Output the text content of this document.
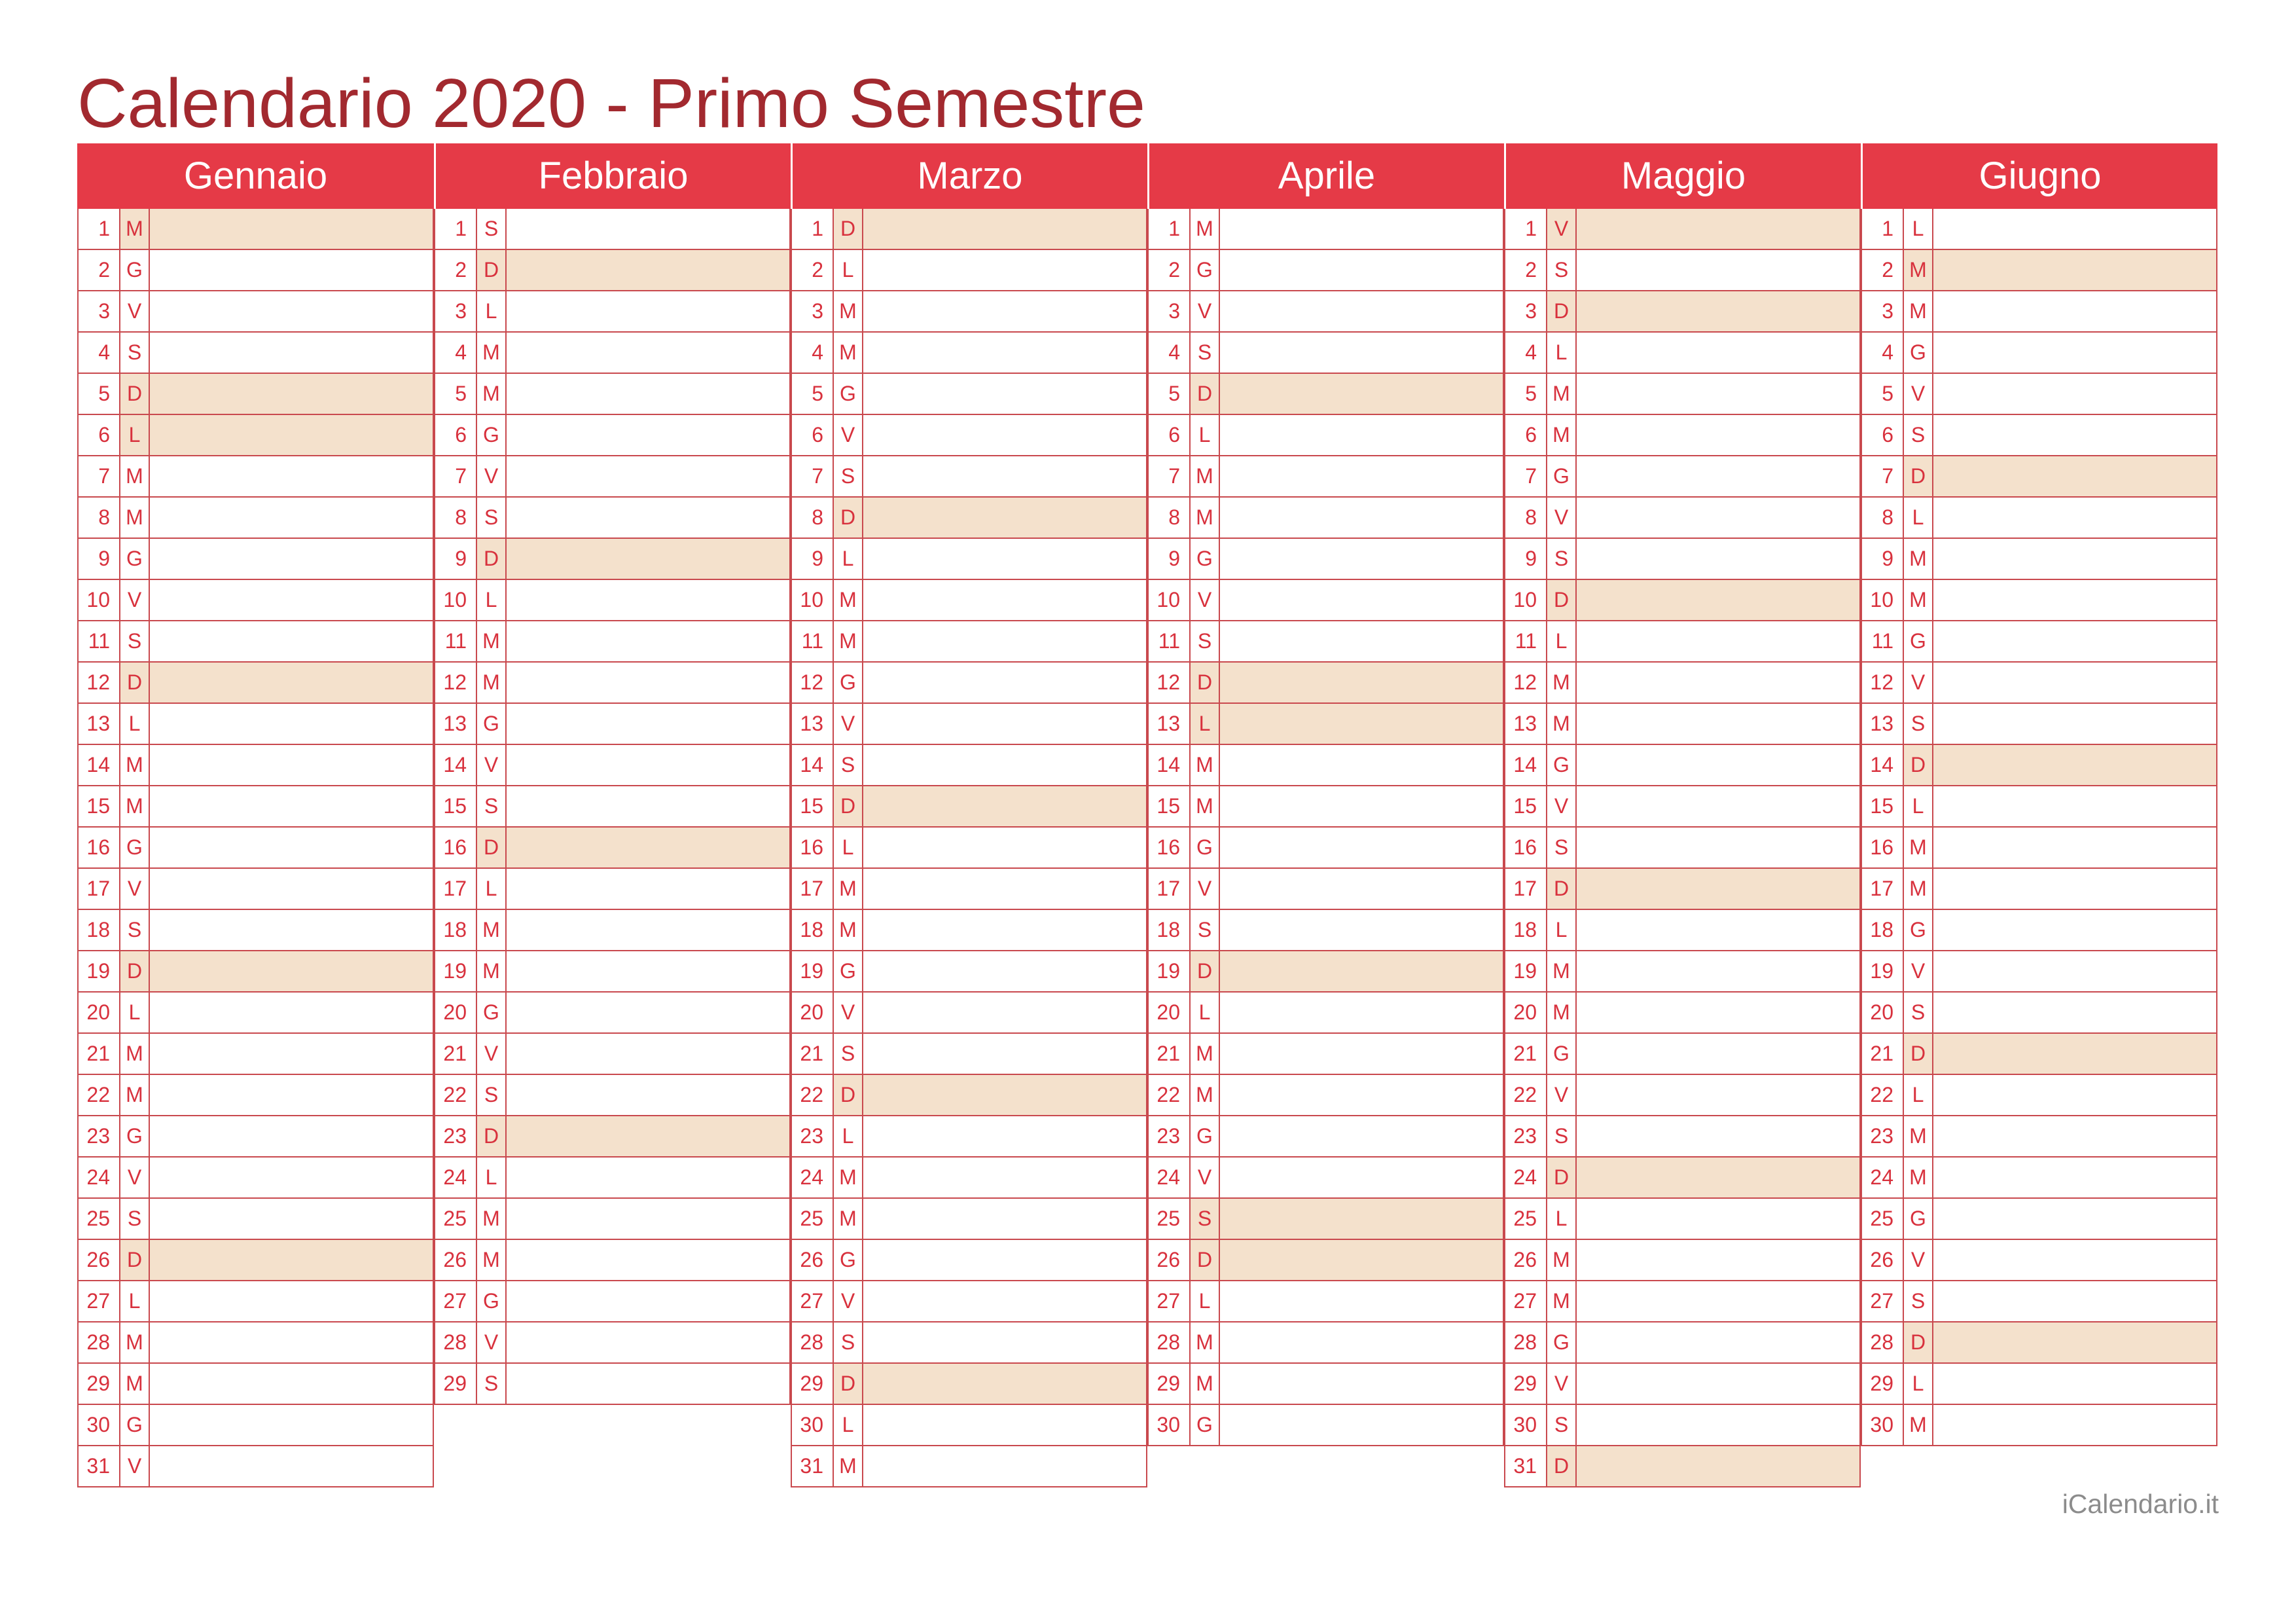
Calendario 2020 - Primo Semestre
Gennaio
1 M
2 G
3 V
4 S
5 D
6 L
7 M
8 M
9 G
10 V
11 S
12 D
13 L
14 M
15 M
16 G
17 V
18 S
19 D
20 L
21 M
22 M
23 G
24 V
25 S
26 D
27 L
28 M
29 M
30 G
31 V
Febbraio
1 S
2 D
3 L
4 M
5 M
6 G
7 V
8 S
9 D
10 L
11 M
12 M
13 G
14 V
15 S
16 D
17 L
18 M
19 M
20 G
21 V
22 S
23 D
24 L
25 M
26 M
27 G
28 V
29 S
Marzo
1 D
2 L
3 M
4 M
5 G
6 V
7 S
8 D
9 L
10 M
11 M
12 G
13 V
14 S
15 D
16 L
17 M
18 M
19 G
20 V
21 S
22 D
23 L
24 M
25 M
26 G
27 V
28 S
29 D
30 L
31 M
Aprile
1 M
2 G
3 V
4 S
5 D
6 L
7 M
8 M
9 G
10 V
11 S
12 D
13 L
14 M
15 M
16 G
17 V
18 S
19 D
20 L
21 M
22 M
23 G
24 V
25 S
26 D
27 L
28 M
29 M
30 G
Maggio
1 V
2 S
3 D
4 L
5 M
6 M
7 G
8 V
9 S
10 D
11 L
12 M
13 M
14 G
15 V
16 S
17 D
18 L
19 M
20 M
21 G
22 V
23 S
24 D
25 L
26 M
27 M
28 G
29 V
30 S
31 D
Giugno
1 L
2 M
3 M
4 G
5 V
6 S
7 D
8 L
9 M
10 M
11 G
12 V
13 S
14 D
15 L
16 M
17 M
18 G
19 V
20 S
21 D
22 L
23 M
24 M
25 G
26 V
27 S
28 D
29 L
30 M
iCalendario.it
